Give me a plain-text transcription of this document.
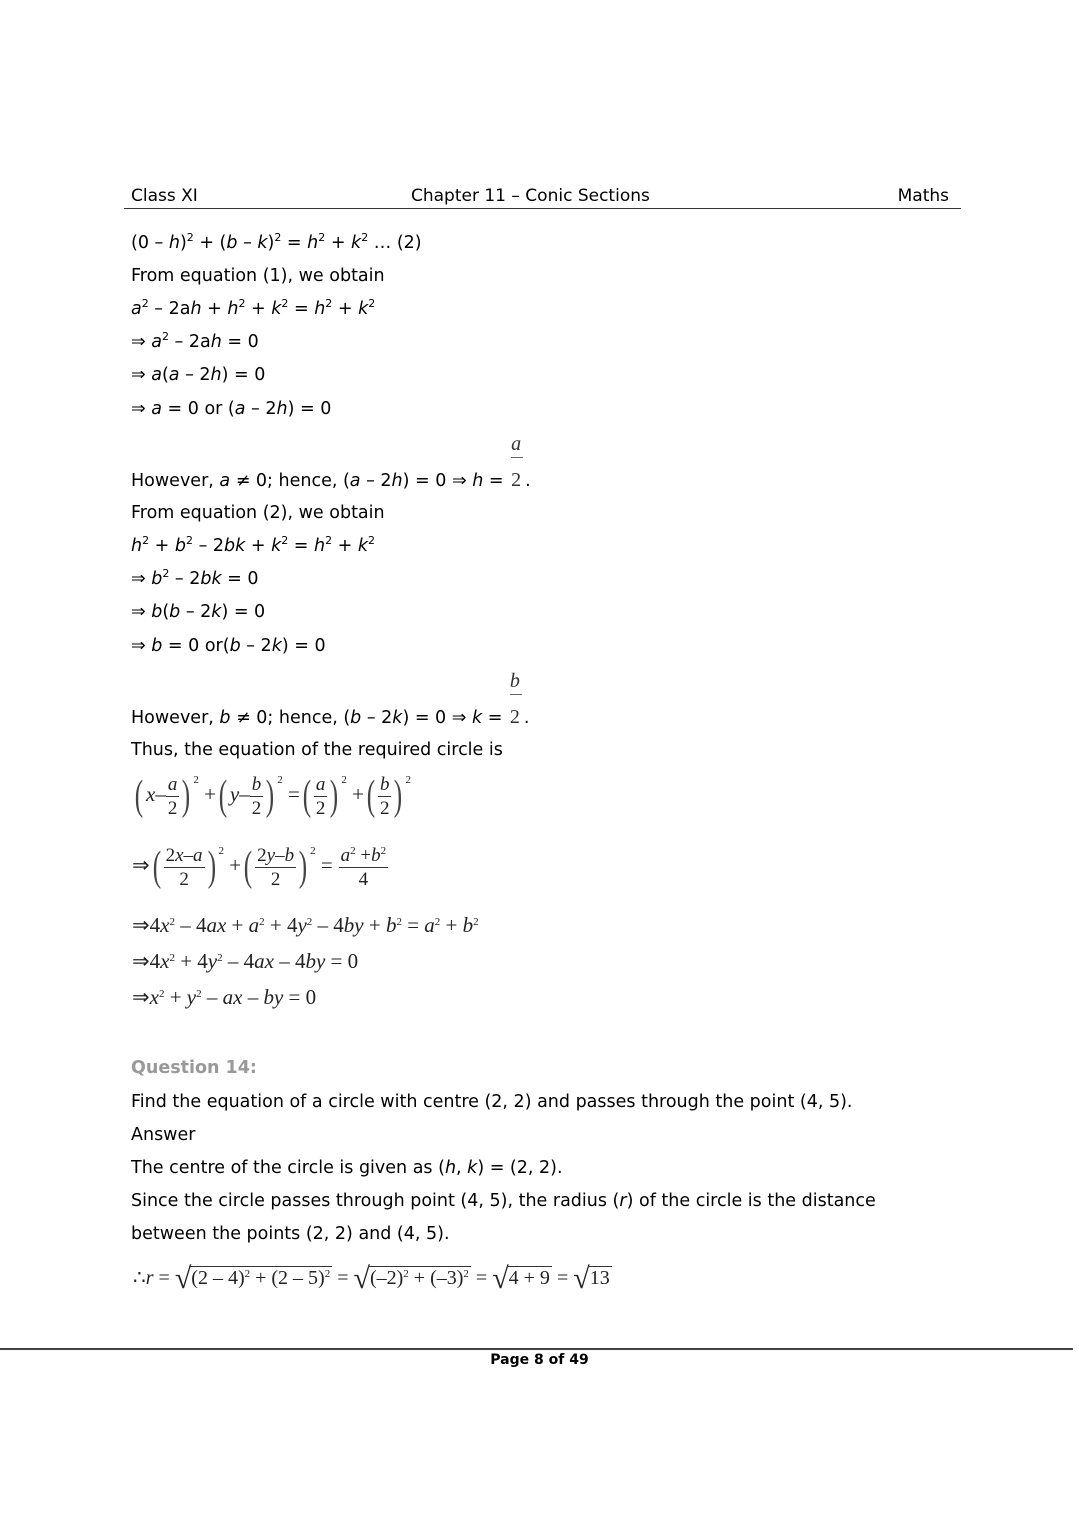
Class XI	Chapter 11 – Conic Sections	Maths
$(0 - h)^2 + (b - k)^2 = h^2 + k^2$ … (2)
From equation (1), we obtain
$a^2 - 2ah + h^2 + k^2 = h^2 + k^2$
⇒ $a^2 - 2ah = 0$
⇒ a(a – 2h) = 0
⇒ a = 0 or (a – 2h) = 0
However, a ≠ 0; hence, (a – 2h) = 0 ⇒ $h = \frac{a}{2}$.
From equation (2), we obtain
$h^2 + b^2 - 2bk + k^2 = h^2 + k^2$
⇒ $b^2 - 2bk = 0$
⇒ b(b – 2k) = 0
⇒ b = 0 or(b – 2k) = 0
However, b ≠ 0; hence, (b – 2k) = 0 ⇒ $k = \frac{b}{2}$.
Thus, the equation of the required circle is
( $x- \frac{a}{2}$ ) $^2$ +( $y- \frac{b}{2}$ ) $^2$ =( $\frac{a}{2}$ ) $^2$ +( $\frac{b}{2}$ ) $^2$
⇒( $\frac{2x-a}{2}$ ) $^2$ +( $\frac{2y-b}{2}$ ) $^2 = \frac{a^2 +b^2}{4}$
$\Rightarrow 4x^2 - 4ax + a^2 + 4y^2 - 4by + b^2 = a^2 + b^2$
$\Rightarrow 4x^2 + 4y^2 - 4ax - 4by = 0$
$\Rightarrow x^2 + y^2$ – ax – by = 0
Question 14:
Find the equation of a circle with centre (2, 2) and passes through the point (4, 5).
Answer
The centre of the circle is given as (h, k) = (2, 2).
Since the circle passes through point (4, 5), the radius (r) of the circle is the distance
between the points (2, 2) and (4, 5).
∴r = $√(2 - 4)^2 + (2 - 5)^2 = √(-2)^2 + (-3)^2 = √4 + 9 = √13$
Page 8 of 49
